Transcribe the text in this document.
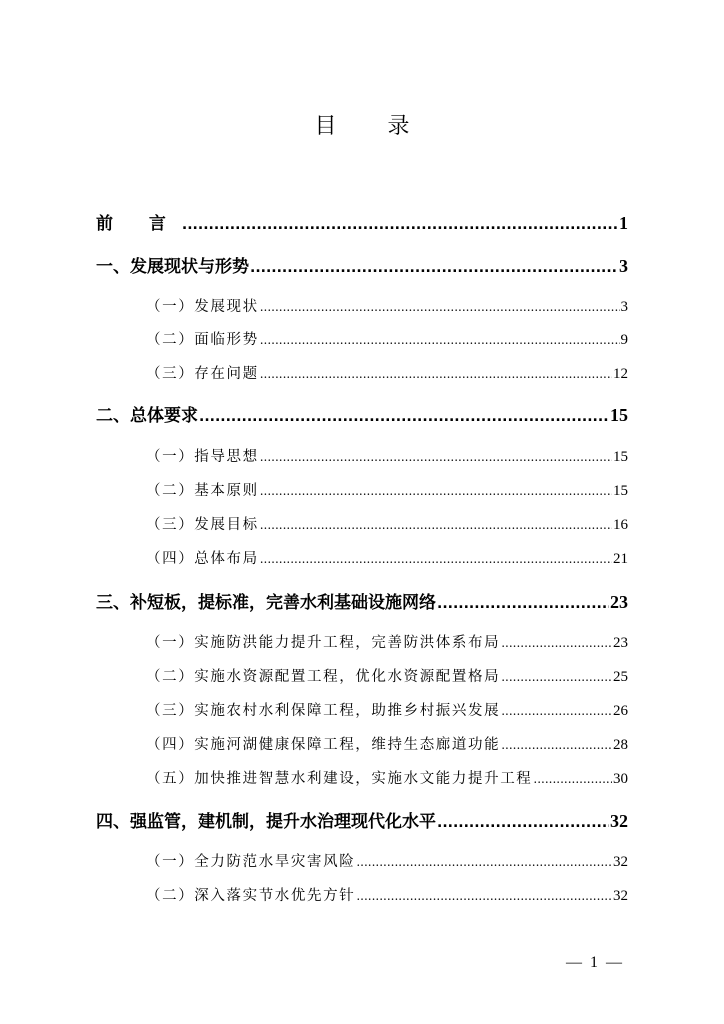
目 录
前 言 .....	1
一、发展现状与形势 .....	3
（一）发展现状 .....	3
（二）面临形势 .....	9
（三）存在问题 .....	12
二、总体要求 .....	15
（一）指导思想 .....	15
（二）基本原则 .....	15
（三）发展目标 .....	16
（四）总体布局 .....	21
三、补短板，提标准，完善水利基础设施网络 .....	23
（一）实施防洪能力提升工程，完善防洪体系布局 .....	23
（二）实施水资源配置工程，优化水资源配置格局 .....	25
（三）实施农村水利保障工程，助推乡村振兴发展 .....	26
（四）实施河湖健康保障工程，维持生态廊道功能 .....	28
（五）加快推进智慧水利建设，实施水文能力提升工程 .....	30
四、强监管，建机制，提升水治理现代化水平 .....	32
（一）全力防范水旱灾害风险 .....	32
（二）深入落实节水优先方针 .....	32
— 1 —
